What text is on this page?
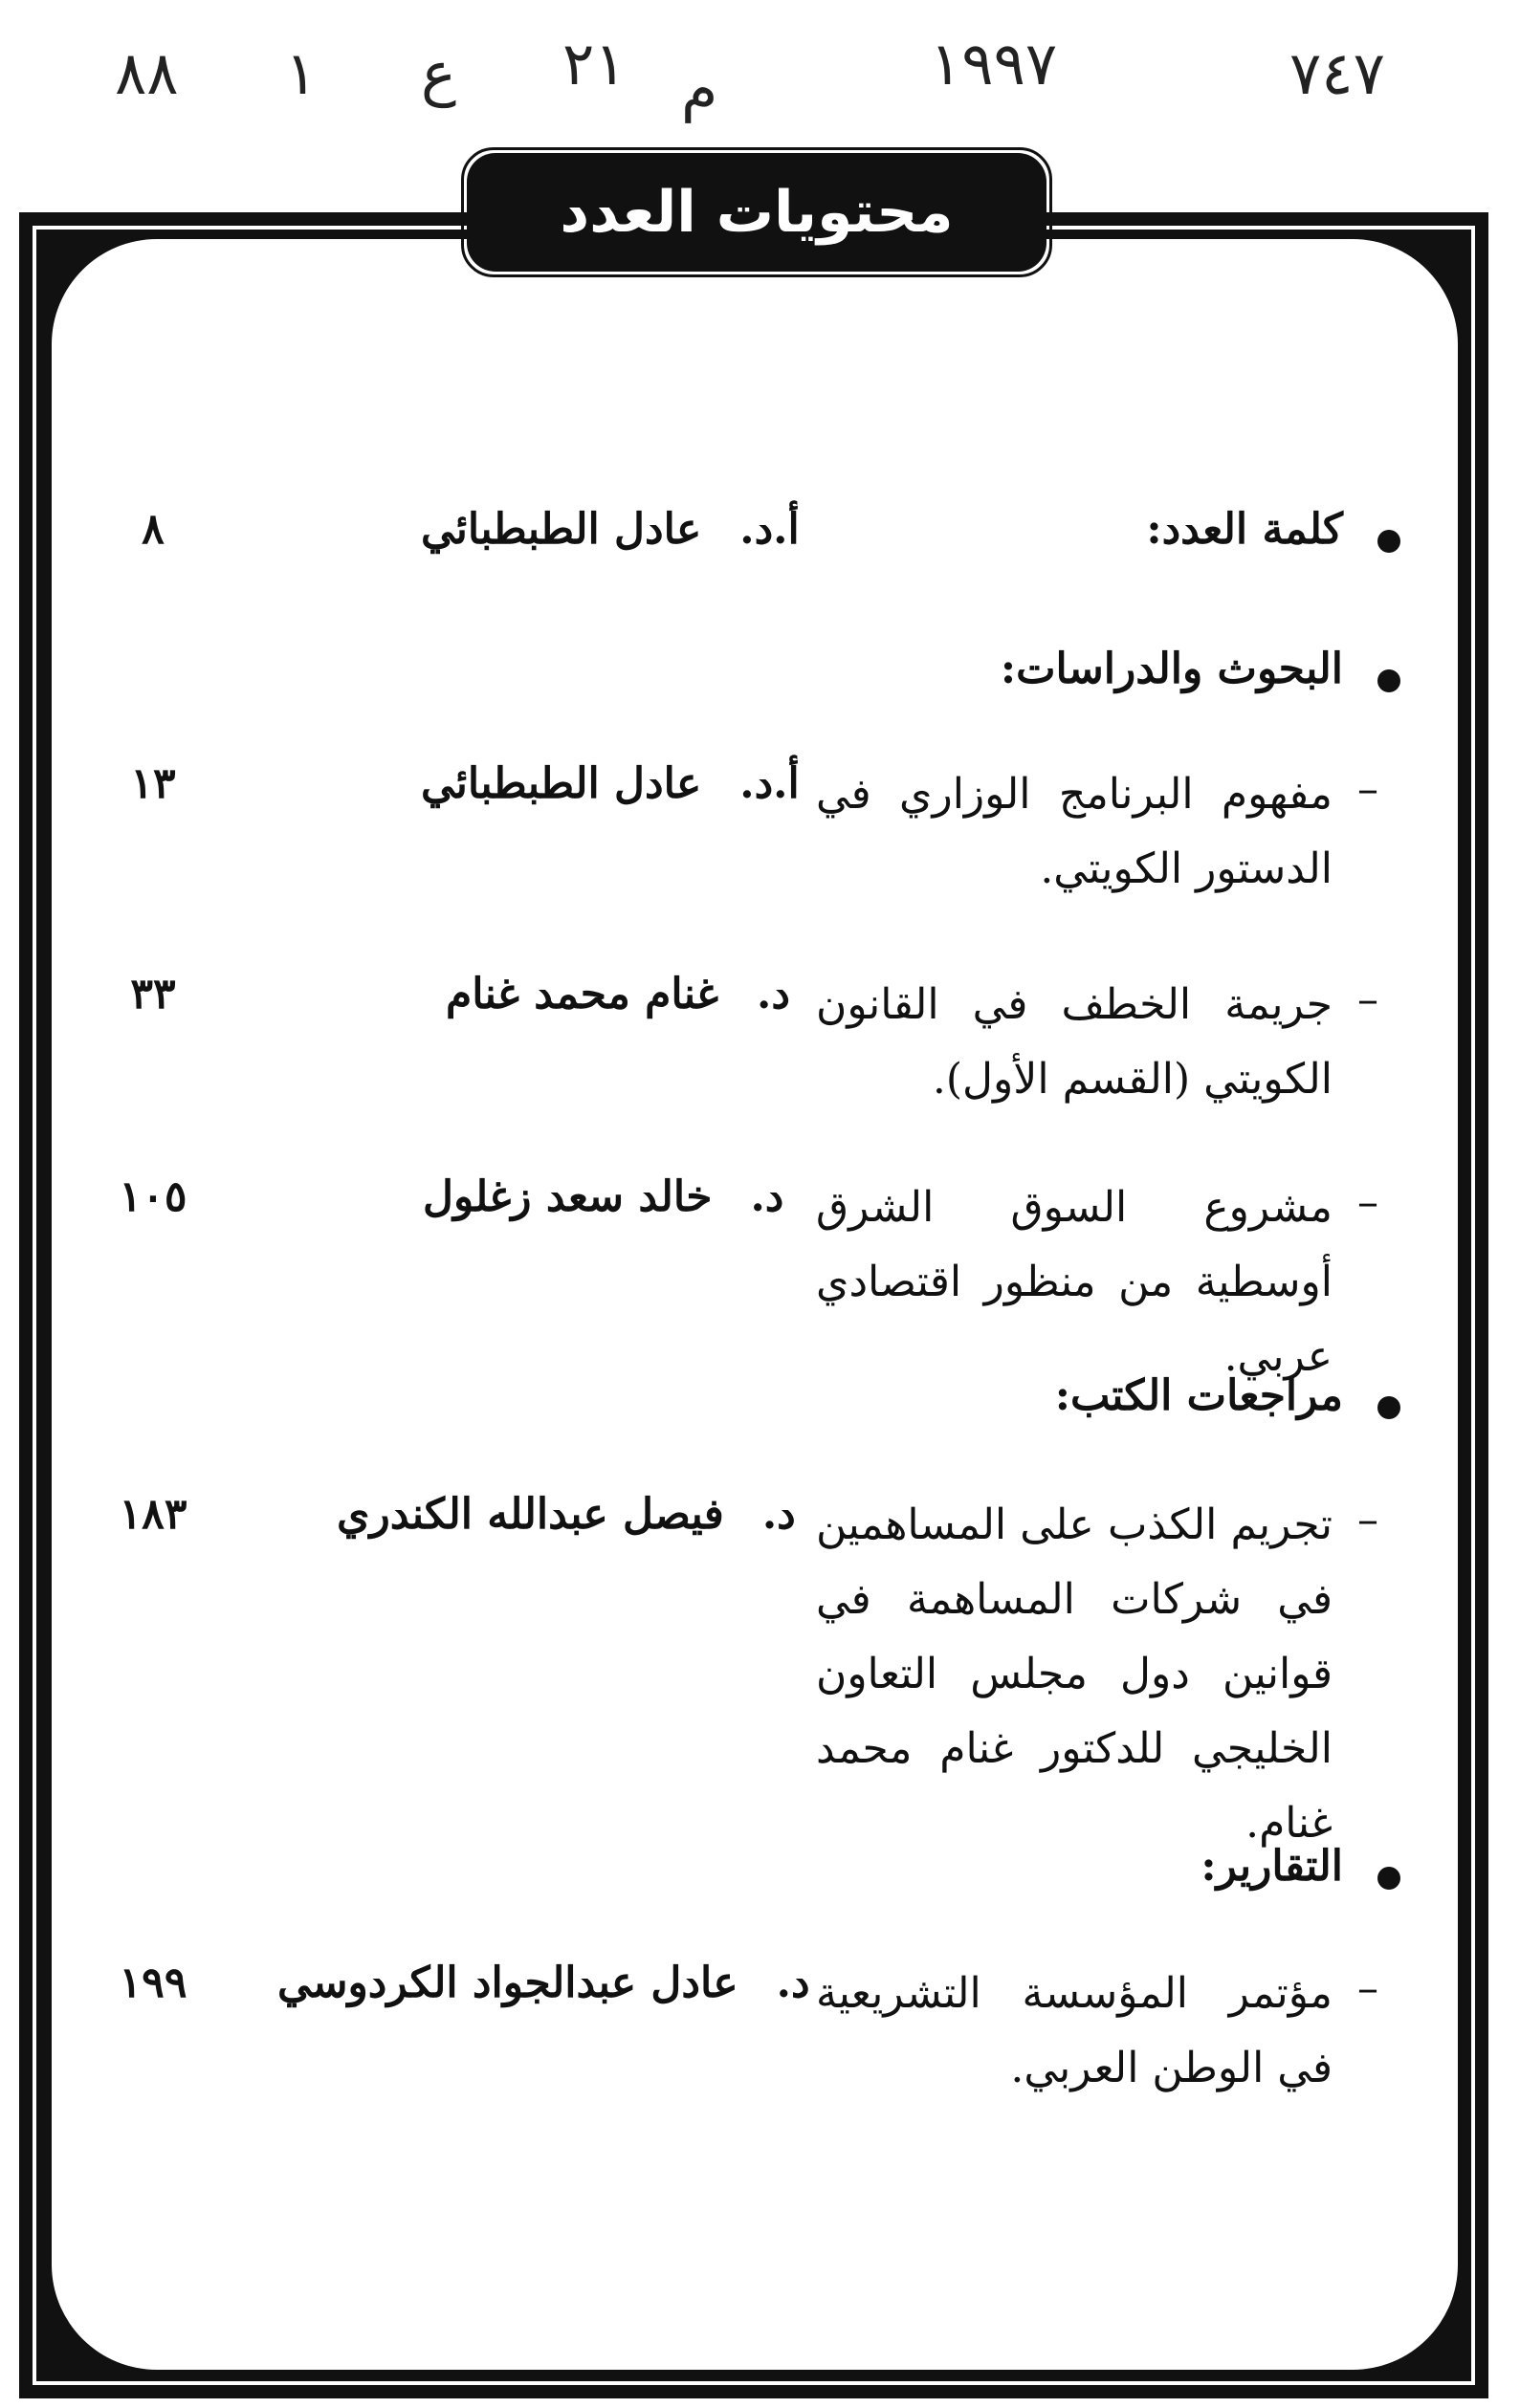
٨٨ ١ ع ٢١ م	١٩٩٧	٧٤٧
محتويات العدد
كلمة العدد:
أ.د.عادل الطبطبائي
٨
البحوث والدراسات:
–
مفهوم البرنامج الوزاري في الدستور الكويتي.
أ.د.عادل الطبطبائي
١٣
–
جريمة الخطف في القانون الكويتي (القسم الأول).
د.غنام محمد غنام
٣٣
–
مشروع السوق الشرق أوسطية من منظور اقتصادي عربي.
د.خالد سعد زغلول
١٠٥
مراجعات الكتب:
–
تجريم الكذب على المساهمين في شركات المساهمة في قوانين دول مجلس التعاون الخليجي للدكتور غنام محمد غنام.
د.فيصل عبدالله الكندري
١٨٣
التقارير:
–
مؤتمر المؤسسة التشريعية في الوطن العربي.
د.عادل عبدالجواد الكردوسي
١٩٩
